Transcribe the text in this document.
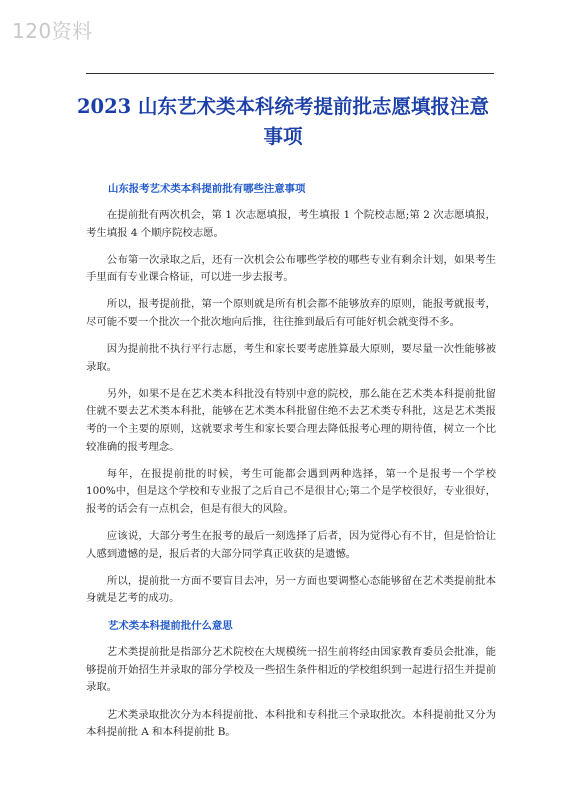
120资料
2023 山东艺术类本科统考提前批志愿填报注意事项
山东报考艺术类本科提前批有哪些注意事项

在提前批有两次机会，第 1 次志愿填报，考生填报 1 个院校志愿;第 2 次志愿填报，考生填报 4 个顺序院校志愿。

公布第一次录取之后，还有一次机会公布哪些学校的哪些专业有剩余计划，如果考生手里面有专业课合格证，可以进一步去报考。

所以，报考提前批，第一个原则就是所有机会都不能够放弃的原则，能报考就报考，尽可能不要一个批次一个批次地向后推，往往推到最后有可能好机会就变得不多。

因为提前批不执行平行志愿，考生和家长要考虑胜算最大原则，要尽量一次性能够被录取。

另外，如果不是在艺术类本科批没有特别中意的院校，那么能在艺术类本科提前批留住就不要去艺术类本科批，能够在艺术类本科批留住绝不去艺术类专科批，这是艺术类报考的一个主要的原则，这就要求考生和家长要合理去降低报考心理的期待值，树立一个比较准确的报考理念。

每年，在报提前批的时候，考生可能都会遇到两种选择，第一个是报考一个学校 100%中，但是这个学校和专业报了之后自己不是很甘心;第二个是学校很好，专业很好，报考的话会有一点机会，但是有很大的风险。

应该说，大部分考生在报考的最后一刻选择了后者，因为觉得心有不甘，但是恰恰让人感到遗憾的是，报后者的大部分同学真正收获的是遗憾。

所以，提前批一方面不要盲目去冲，另一方面也要调整心态能够留在艺术类提前批本身就是艺考的成功。

艺术类本科提前批什么意思

艺术类提前批是指部分艺术院校在大规模统一招生前将经由国家教育委员会批准，能够提前开始招生并录取的部分学校及一些招生条件相近的学校组织到一起进行招生并提前录取。

艺术类录取批次分为本科提前批、本科批和专科批三个录取批次。本科提前批又分为本科提前批 A 和本科提前批 B。
